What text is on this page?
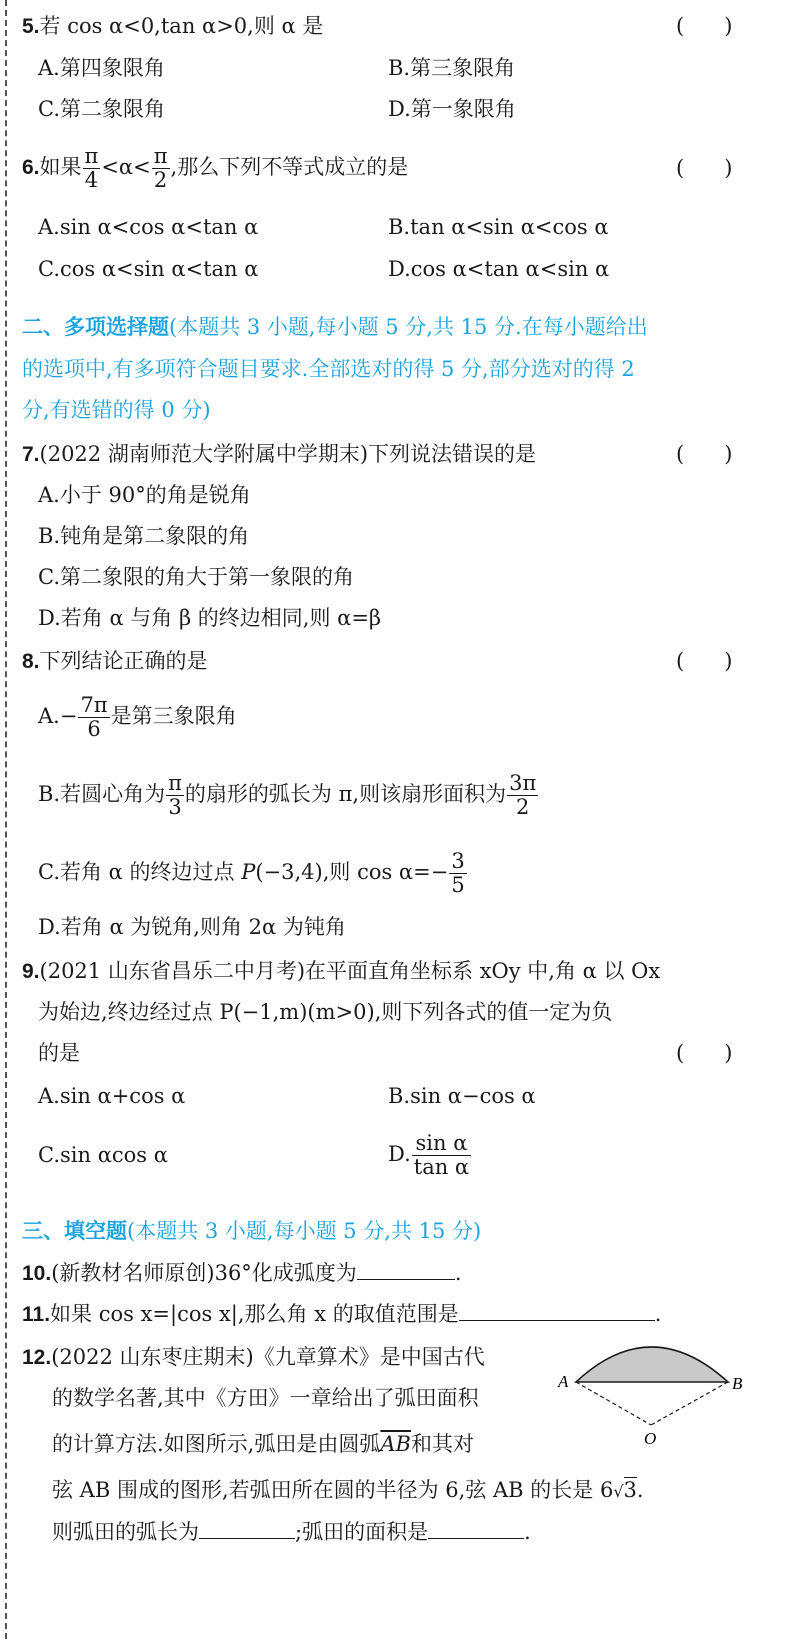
5.若 cos α<0,tan α>0,则 α 是	(      )
A.第四象限角	B.第三象限角
C.第二象限角	D.第一象限角
6.如果 $\frac{\pi}{4} <\alpha< \frac{\pi}{2}$ ,那么下列不等式成立的是	(      )
A.sin α<cos α<tan α	B.tan α<sin α<cos α
C.cos α<sin α<tan α	D.cos α<tan α<sin α
二、多项选择题(本题共 3 小题,每小题 5 分,共 15 分.在每小题给出
的选项中,有多项符合题目要求.全部选对的得 5 分,部分选对的得 2
分,有选错的得 0 分)
7.(2022 湖南师范大学附属中学期末)下列说法错误的是	(      )
A.小于 90°的角是锐角
B.钝角是第二象限的角
C.第二象限的角大于第一象限的角
D.若角 α 与角 β 的终边相同,则 α=β
8.下列结论正确的是	(      )
$A.- \frac{7\pi}{6}$ 是第三象限角
B.若圆心角为 $\frac{\pi}{3}$ 的扇形的弧长为 π,则该扇形面积为 $\frac{3\pi}{2}$
C.若角 α 的终边过点 P(−3,4),则 $\cos \alpha=- \frac{3}{5}$
D.若角 α 为锐角,则角 2α 为钝角
9.(2021 山东省昌乐二中月考)在平面直角坐标系 xOy 中,角 α 以 Ox
为始边,终边经过点 P(−1,m)(m>0),则下列各式的值一定为负
的是	(      )
A.sin α+cos α	B.sin α−cos α
C.sin αcos α	D. $\frac{\text{sin α}}{\text{tan α}}$
三、填空题(本题共 3 小题,每小题 5 分,共 15 分)
10.(新教材名师原创)36°化成弧度为	.
11.如果 cos x=|cos x|,那么角 x 的取值范围是	.
12.(2022 山东枣庄期末)《九章算术》是中国古代
的数学名著,其中《方田》一章给出了弧田面积
的计算方法.如图所示,弧田是由圆弧$\overline{AB}$和其对
弦 AB 围成的图形,若弧田所在圆的半径为 6,弦 AB 的长是 6√3.
则弧田的弧长为	;弧田的面积是	.
A	B
O
